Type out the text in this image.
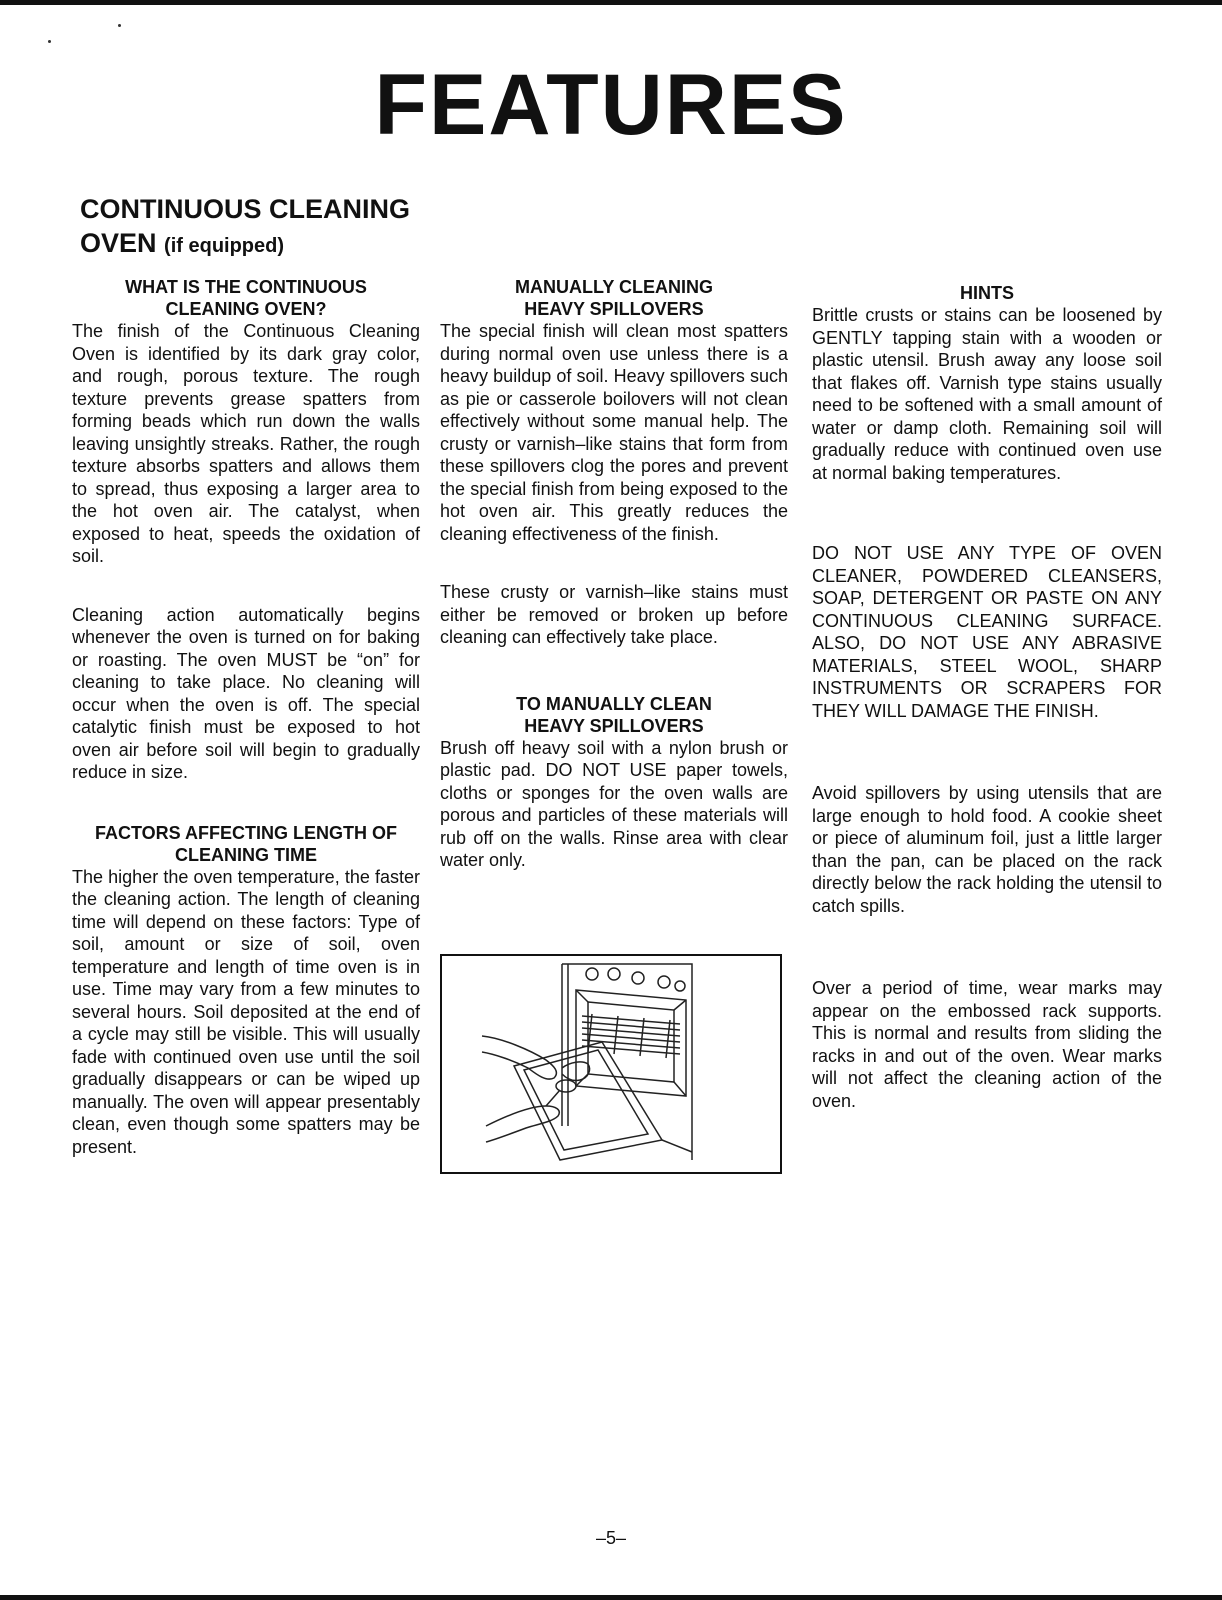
FEATURES
CONTINUOUS CLEANING
OVEN (if equipped)
WHAT IS THE CONTINUOUS CLEANING OVEN?

The finish of the Continuous Cleaning Oven is identified by its dark gray color, and rough, porous texture. The rough texture prevents grease spatters from forming beads which run down the walls leaving unsightly streaks. Rather, the rough texture absorbs spatters and allows them to spread, thus exposing a larger area to the hot oven air. The catalyst, when exposed to heat, speeds the oxidation of soil.

Cleaning action automatically begins whenever the oven is turned on for baking or roasting. The oven MUST be “on” for cleaning to take place. No cleaning will occur when the oven is off. The special catalytic finish must be exposed to hot oven air before soil will begin to gradually reduce in size.

FACTORS AFFECTING LENGTH OF CLEANING TIME

The higher the oven temperature, the faster the cleaning action. The length of cleaning time will depend on these factors: Type of soil, amount or size of soil, oven temperature and length of time oven is in use. Time may vary from a few minutes to several hours. Soil deposited at the end of a cycle may still be visible. This will usually fade with continued oven use until the soil gradually disappears or can be wiped up manually. The oven will appear presentably clean, even though some spatters may be present.

MANUALLY CLEANING HEAVY SPILLOVERS

The special finish will clean most spatters during normal oven use unless there is a heavy buildup of soil. Heavy spillovers such as pie or casserole boilovers will not clean effectively without some manual help. The crusty or varnish–like stains that form from these spillovers clog the pores and prevent the special finish from being exposed to the hot oven air. This greatly reduces the cleaning effectiveness of the finish.

These crusty or varnish–like stains must either be removed or broken up before cleaning can effectively take place.

TO MANUALLY CLEAN HEAVY SPILLOVERS

Brush off heavy soil with a nylon brush or plastic pad. DO NOT USE paper towels, cloths or sponges for the oven walls are porous and particles of these materials will rub off on the walls. Rinse area with clear water only.

HINTS

Brittle crusts or stains can be loosened by GENTLY tapping stain with a wooden or plastic utensil. Brush away any loose soil that flakes off. Varnish type stains usually need to be softened with a small amount of water or damp cloth. Remaining soil will gradually reduce with continued oven use at normal baking temperatures.

DO NOT USE ANY TYPE OF OVEN CLEANER, POWDERED CLEANSERS, SOAP, DETERGENT OR PASTE ON ANY CONTINUOUS CLEANING SURFACE. ALSO, DO NOT USE ANY ABRASIVE MATERIALS, STEEL WOOL, SHARP INSTRUMENTS OR SCRAPERS FOR THEY WILL DAMAGE THE FINISH.

Avoid spillovers by using utensils that are large enough to hold food. A cookie sheet or piece of aluminum foil, just a little larger than the pan, can be placed on the rack directly below the rack holding the utensil to catch spills.

Over a period of time, wear marks may appear on the embossed rack supports. This is normal and results from sliding the racks in and out of the oven. Wear marks will not affect the cleaning action of the oven.

–5–
